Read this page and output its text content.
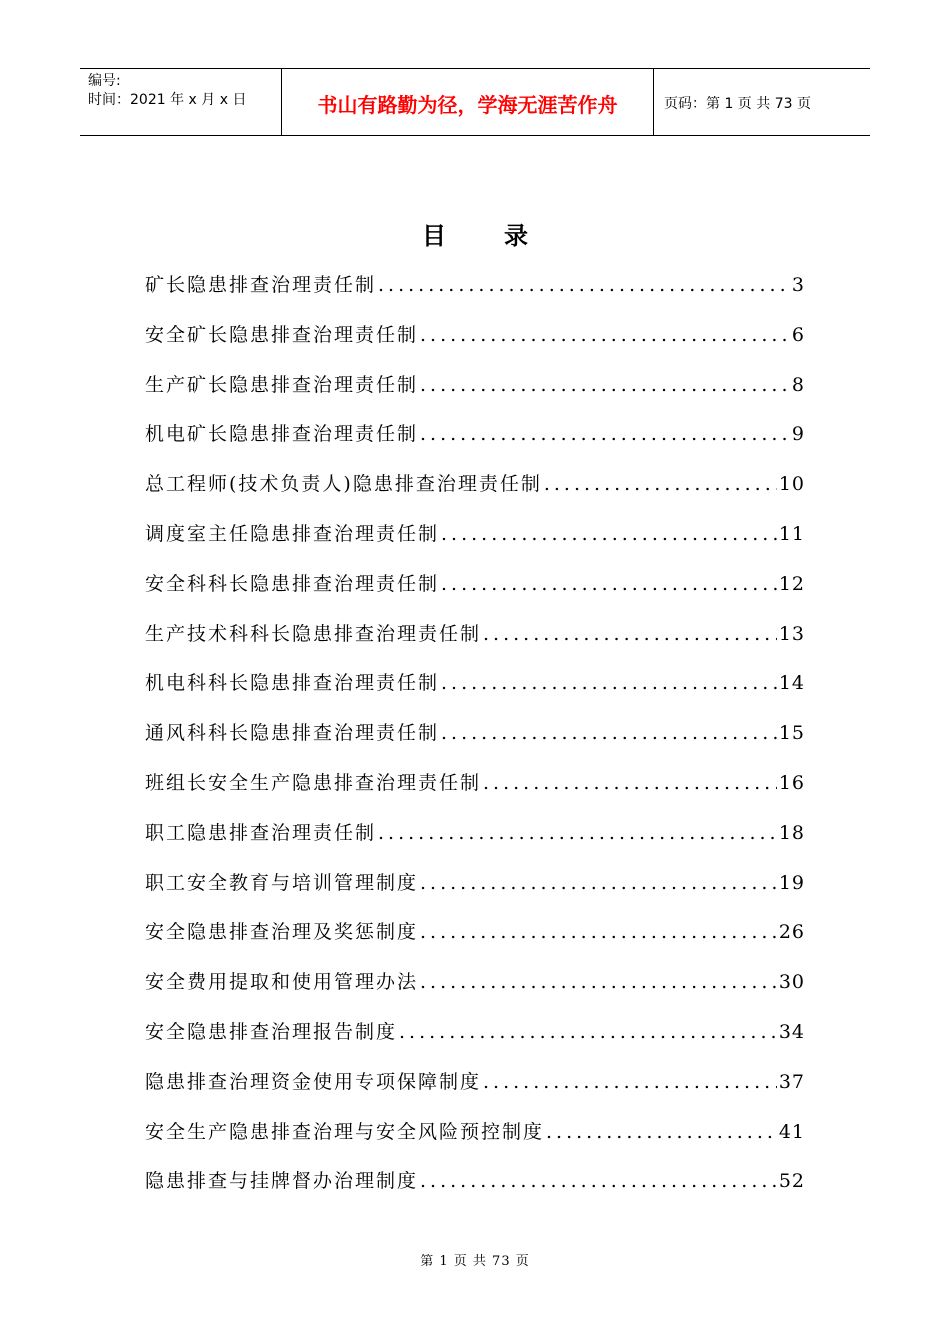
编号:
时间：2021 年 x 月 x 日	书山有路勤为径，学海无涯苦作舟	页码：第 1 页 共 73 页
目 录
矿长隐患排查治理责任制 .....	3
安全矿长隐患排查治理责任制 .....	6
生产矿长隐患排查治理责任制 .....	8
机电矿长隐患排查治理责任制 .....	9
总工程师(技术负责人)隐患排查治理责任制 .....	10
调度室主任隐患排查治理责任制 .....	11
安全科科长隐患排查治理责任制 .....	12
生产技术科科长隐患排查治理责任制 .....	13
机电科科长隐患排查治理责任制 .....	14
通风科科长隐患排查治理责任制 .....	15
班组长安全生产隐患排查治理责任制 .....	16
职工隐患排查治理责任制 .....	18
职工安全教育与培训管理制度 .....	19
安全隐患排查治理及奖惩制度 .....	26
安全费用提取和使用管理办法 .....	30
安全隐患排查治理报告制度 .....	34
隐患排查治理资金使用专项保障制度 .....	37
安全生产隐患排查治理与安全风险预控制度 .....	41
隐患排查与挂牌督办治理制度 .....	52
第 1 页 共 73 页
